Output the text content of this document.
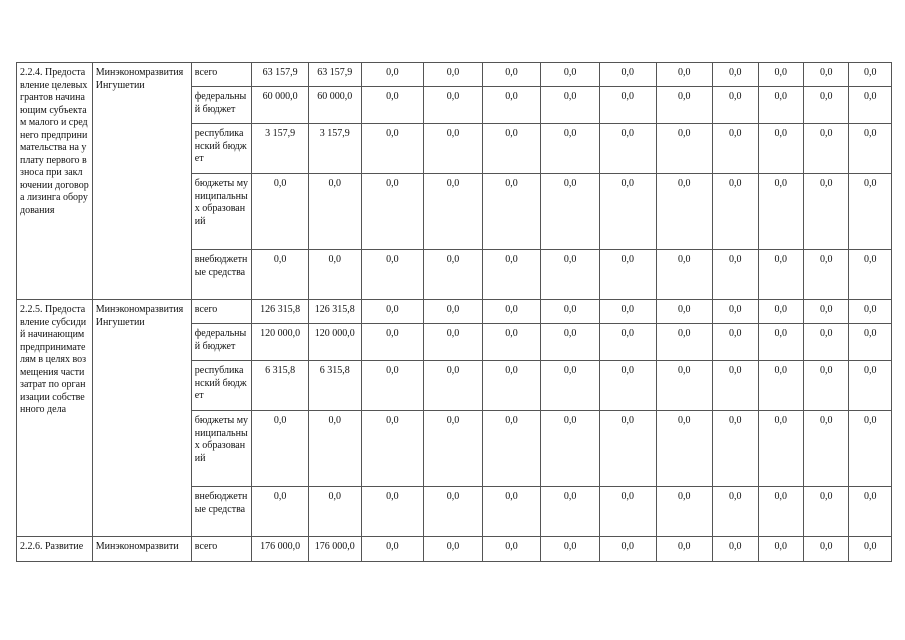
2.2.4. Предоставление целевых грантов начинающим субъектам малого и среднего предпринимательства на уплату первого взноса при заключении договора лизинга оборудования	Минэкономразвития Ингушетии	всего	63 157,9	63 157,9	0,0	0,0	0,0	0,0	0,0	0,0	0,0	0,0	0,0	0,0
		федеральный бюджет	60 000,0	60 000,0	0,0	0,0	0,0	0,0	0,0	0,0	0,0	0,0	0,0	0,0
		республиканский бюджет	3 157,9	3 157,9	0,0	0,0	0,0	0,0	0,0	0,0	0,0	0,0	0,0	0,0
		бюджеты муниципальных образований	0,0	0,0	0,0	0,0	0,0	0,0	0,0	0,0	0,0	0,0	0,0	0,0
		внебюджетные средства	0,0	0,0	0,0	0,0	0,0	0,0	0,0	0,0	0,0	0,0	0,0	0,0
2.2.5. Предоставление субсидий начинающим предпринимателям в целях возмещения части затрат по организации собственного дела	Минэкономразвития Ингушетии	всего	126 315,8	126 315,8	0,0	0,0	0,0	0,0	0,0	0,0	0,0	0,0	0,0	0,0
		федеральный бюджет	120 000,0	120 000,0	0,0	0,0	0,0	0,0	0,0	0,0	0,0	0,0	0,0	0,0
		республиканский бюджет	6 315,8	6 315,8	0,0	0,0	0,0	0,0	0,0	0,0	0,0	0,0	0,0	0,0
		бюджеты муниципальных образований	0,0	0,0	0,0	0,0	0,0	0,0	0,0	0,0	0,0	0,0	0,0	0,0
		внебюджетные средства	0,0	0,0	0,0	0,0	0,0	0,0	0,0	0,0	0,0	0,0	0,0	0,0
2.2.6. Развитие	Минэкономразвити	всего	176 000,0	176 000,0	0,0	0,0	0,0	0,0	0,0	0,0	0,0	0,0	0,0	0,0
